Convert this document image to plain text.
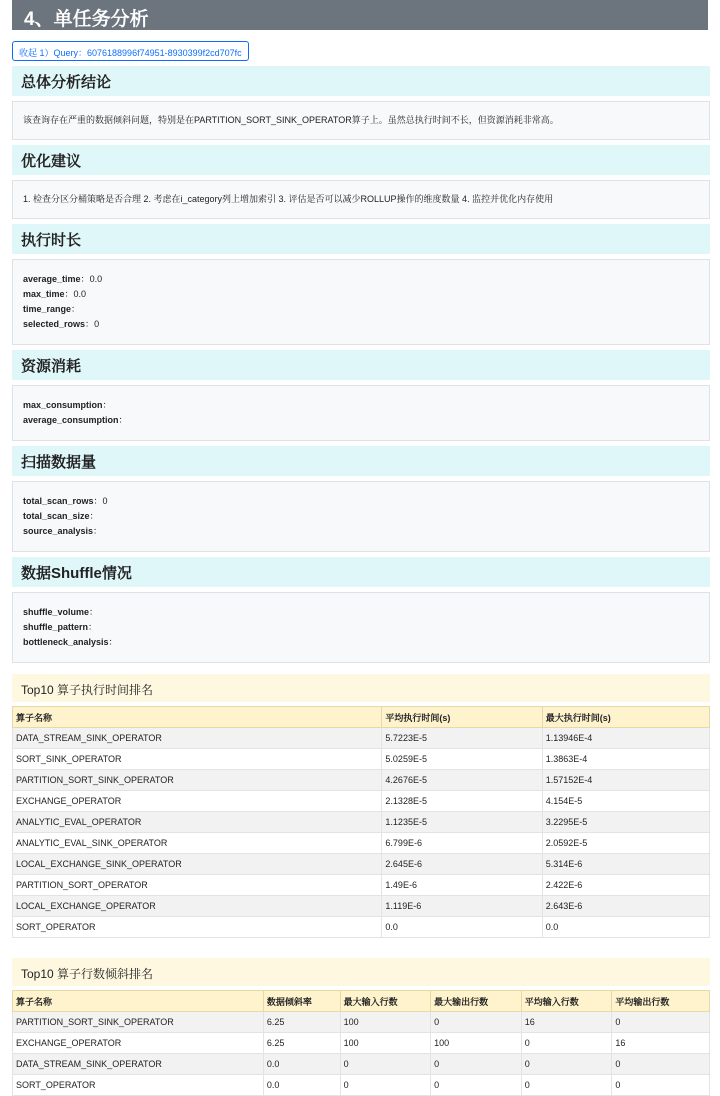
4、单任务分析
收起 1）Query：6076188996f74951-8930399f2cd707fc
总体分析结论
该查询存在严重的数据倾斜问题，特别是在PARTITION_SORT_SINK_OPERATOR算子上。虽然总执行时间不长，但资源消耗非常高。
优化建议
1. 检查分区分桶策略是否合理 2. 考虑在i_category列上增加索引 3. 评估是否可以减少ROLLUP操作的维度数量 4. 监控并优化内存使用
执行时长
average_time：0.0
max_time：0.0
time_range：
selected_rows：0
资源消耗
max_consumption：
average_consumption：
扫描数据量
total_scan_rows：0
total_scan_size：
source_analysis：
数据Shuffle情况
shuffle_volume：
shuffle_pattern：
bottleneck_analysis：
Top10 算子执行时间排名
算子名称	平均执行时间(s)	最大执行时间(s)
DATA_STREAM_SINK_OPERATOR	5.7223E-5	1.13946E-4
SORT_SINK_OPERATOR	5.0259E-5	1.3863E-4
PARTITION_SORT_SINK_OPERATOR	4.2676E-5	1.57152E-4
EXCHANGE_OPERATOR	2.1328E-5	4.154E-5
ANALYTIC_EVAL_OPERATOR	1.1235E-5	3.2295E-5
ANALYTIC_EVAL_SINK_OPERATOR	6.799E-6	2.0592E-5
LOCAL_EXCHANGE_SINK_OPERATOR	2.645E-6	5.314E-6
PARTITION_SORT_OPERATOR	1.49E-6	2.422E-6
LOCAL_EXCHANGE_OPERATOR	1.119E-6	2.643E-6
SORT_OPERATOR	0.0	0.0
Top10 算子行数倾斜排名
算子名称	数据倾斜率	最大输入行数	最大输出行数	平均输入行数	平均输出行数
PARTITION_SORT_SINK_OPERATOR	6.25	100	0	16	0
EXCHANGE_OPERATOR	6.25	100	100	0	16
DATA_STREAM_SINK_OPERATOR	0.0	0	0	0	0
SORT_OPERATOR	0.0	0	0	0	0
